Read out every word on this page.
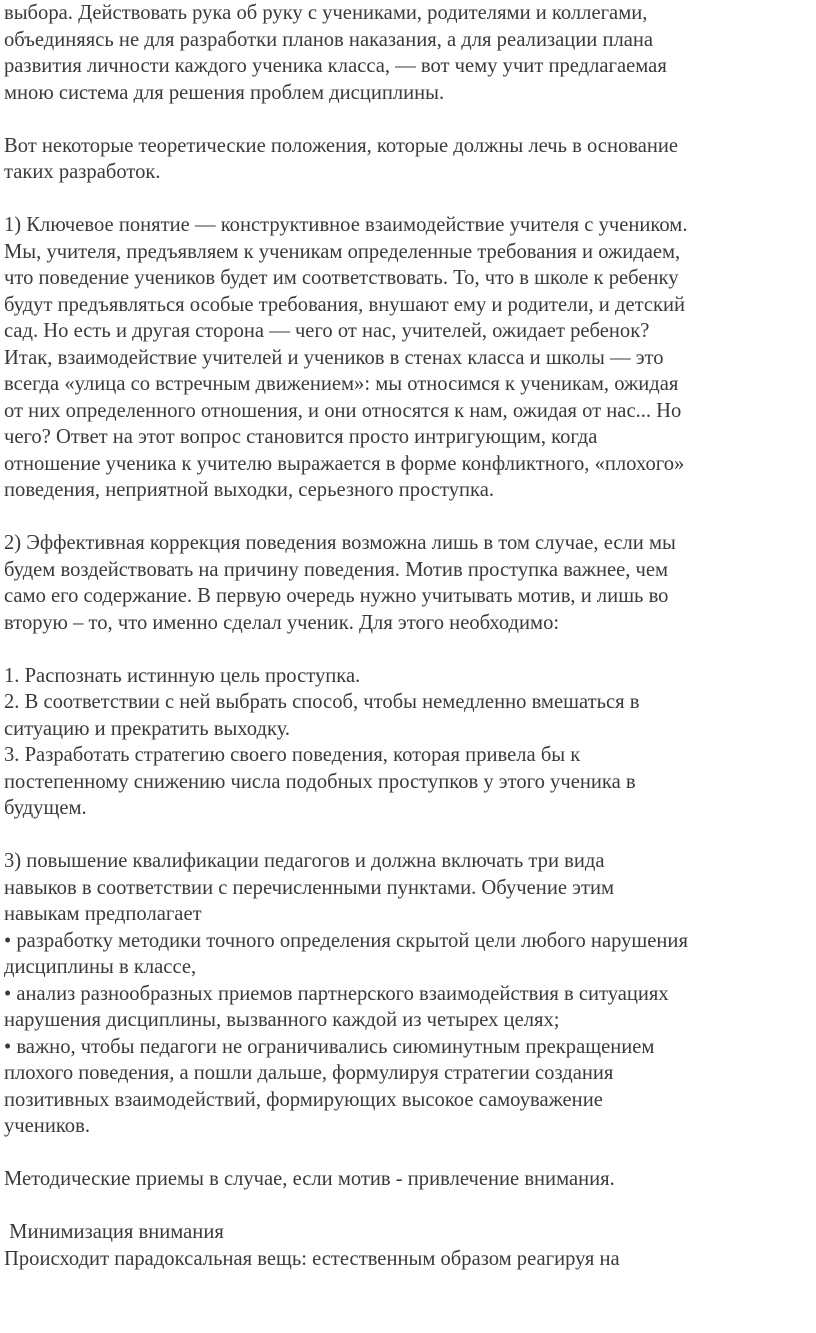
выбора. Действовать рука об руку с учениками, родителями и коллегами,
объединяясь не для разработки планов наказания, а для реализации плана
развития личности каждого ученика класса, — вот чему учит предлагаемая
мною система для решения проблем дисциплины.

Вот некоторые теоретические положения, которые должны лечь в основание
таких разработок.

1) Ключевое понятие — конструктивное взаимодействие учителя с учеником.
Мы, учителя, предъявляем к ученикам определенные требования и ожидаем,
что поведение учеников будет им соответствовать. То, что в школе к ребенку
будут предъявляться особые требования, внушают ему и родители, и детский
сад. Но есть и другая сторона — чего от нас, учителей, ожидает ребенок?
Итак, взаимодействие учителей и учеников в стенах класса и школы — это
всегда «улица со встречным движением»: мы относимся к ученикам, ожидая
от них определенного отношения, и они относятся к нам, ожидая от нас... Но
чего? Ответ на этот вопрос становится просто интригующим, когда
отношение ученика к учителю выражается в форме конфликтного, «плохого»
поведения, неприятной выходки, серьезного проступка.

2) Эффективная коррекция поведения возможна лишь в том случае, если мы
будем воздействовать на причину поведения. Мотив проступка важнее, чем
само его содержание. В первую очередь нужно учитывать мотив, и лишь во
вторую – то, что именно сделал ученик. Для этого необходимо:

1. Распознать истинную цель проступка.
2. В соответствии с ней выбрать способ, чтобы немедленно вмешаться в
ситуацию и прекратить выходку.
3. Разработать стратегию своего поведения, которая привела бы к
постепенному снижению числа подобных проступков у этого ученика в
будущем.

3) повышение квалификации педагогов и должна включать три вида
навыков в соответствии с перечисленными пунктами. Обучение этим
навыкам предполагает
• разработку методики точного определения скрытой цели любого нарушения
дисциплины в классе,
• анализ разнообразных приемов партнерского взаимодействия в ситуациях
нарушения дисциплины, вызванного каждой из четырех целях;
• важно, чтобы педагоги не ограничивались сиюминутным прекращением
плохого поведения, а пошли дальше, формулируя стратегии создания
позитивных взаимодействий, формирующих высокое самоуважение
учеников.

Методические приемы в случае, если мотив - привлечение внимания.

Минимизация внимания

Происходит парадоксальная вещь: естественным образом реагируя на
